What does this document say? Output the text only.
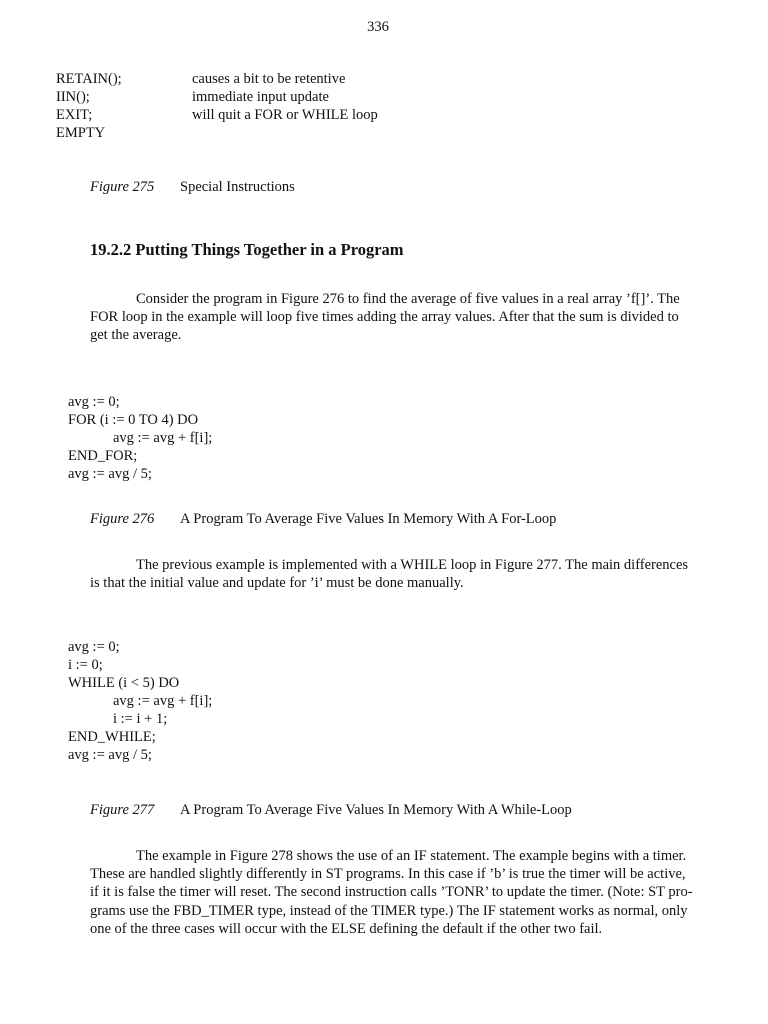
336
RETAIN();	causes a bit to be retentive
IIN();	immediate input update
EXIT;	will quit a FOR or WHILE loop
EMPTY
Figure 275 Special Instructions
19.2.2 Putting Things Together in a Program
Consider the program in Figure 276 to find the average of five values in a real array ’f[]’. The
FOR loop in the example will loop five times adding the array values. After that the sum is divided to
get the average.
avg := 0;
FOR (i := 0 TO 4) DO
avg := avg + f[i];
END_FOR;
avg := avg / 5;
Figure 276 A Program To Average Five Values In Memory With A For-Loop
The previous example is implemented with a WHILE loop in Figure 277. The main differences
is that the initial value and update for ’i’ must be done manually.
avg := 0;
i := 0;
WHILE (i < 5) DO
avg := avg + f[i];
i := i + 1;
END_WHILE;
avg := avg / 5;
Figure 277 A Program To Average Five Values In Memory With A While-Loop
The example in Figure 278 shows the use of an IF statement. The example begins with a timer.
These are handled slightly differently in ST programs. In this case if ’b’ is true the timer will be active,
if it is false the timer will reset. The second instruction calls ’TONR’ to update the timer. (Note: ST pro-
grams use the FBD_TIMER type, instead of the TIMER type.) The IF statement works as normal, only
one of the three cases will occur with the ELSE defining the default if the other two fail.
